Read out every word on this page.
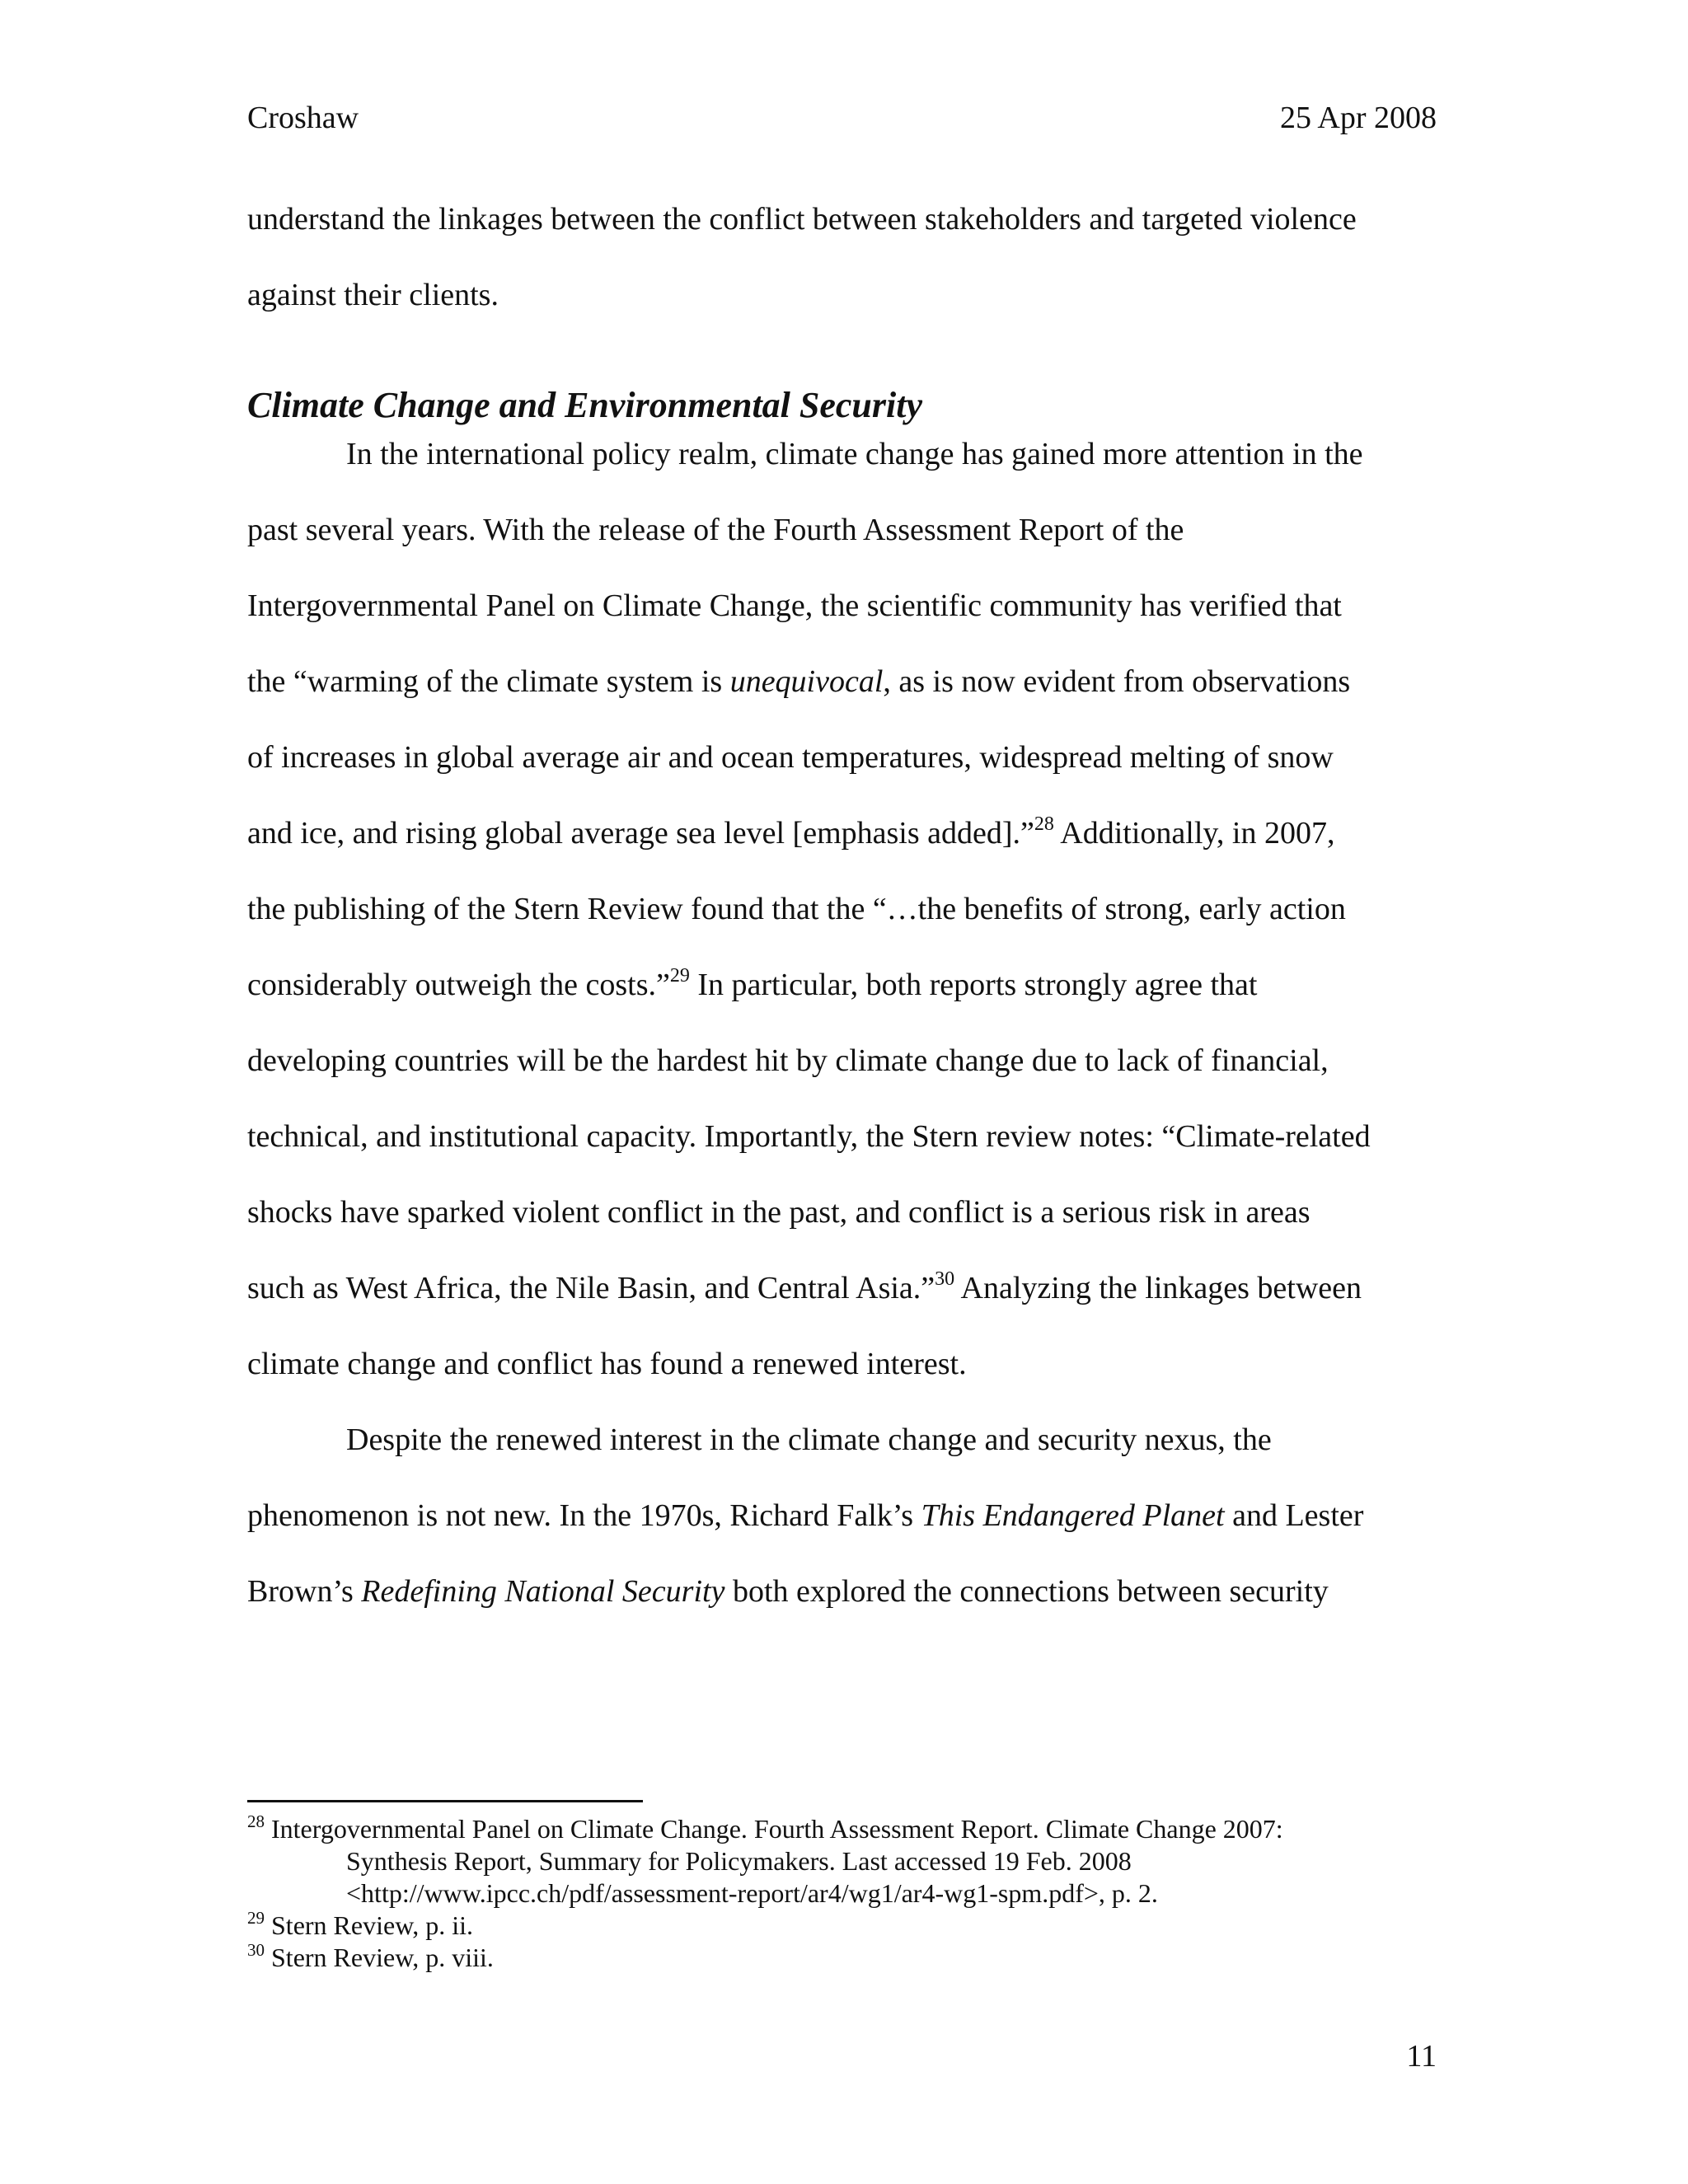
Croshaw	25 Apr 2008
understand the linkages between the conflict between stakeholders and targeted violence
against their clients.
Climate Change and Environmental Security
In the international policy realm, climate change has gained more attention in the
past several years. With the release of the Fourth Assessment Report of the
Intergovernmental Panel on Climate Change, the scientific community has verified that
the “warming of the climate system is unequivocal, as is now evident from observations
of increases in global average air and ocean temperatures, widespread melting of snow
and ice, and rising global average sea level [emphasis added].”$^{28}$ Additionally, in 2007,
the publishing of the Stern Review found that the “…the benefits of strong, early action
considerably outweigh the costs.”$^{29}$ In particular, both reports strongly agree that
developing countries will be the hardest hit by climate change due to lack of financial,
technical, and institutional capacity. Importantly, the Stern review notes: “Climate-related
shocks have sparked violent conflict in the past, and conflict is a serious risk in areas
such as West Africa, the Nile Basin, and Central Asia.”$^{30}$ Analyzing the linkages between
climate change and conflict has found a renewed interest.
Despite the renewed interest in the climate change and security nexus, the
phenomenon is not new. In the 1970s, Richard Falk’s This Endangered Planet and Lester
Brown’s Redefining National Security both explored the connections between security
$^{28}$ Intergovernmental Panel on Climate Change. Fourth Assessment Report. Climate Change 2007:
Synthesis Report, Summary for Policymakers. Last accessed 19 Feb. 2008
<http://www.ipcc.ch/pdf/assessment-report/ar4/wg1/ar4-wg1-spm.pdf>, p. 2.
$^{29}$ Stern Review, p. ii.
$^{30}$ Stern Review, p. viii.
11
